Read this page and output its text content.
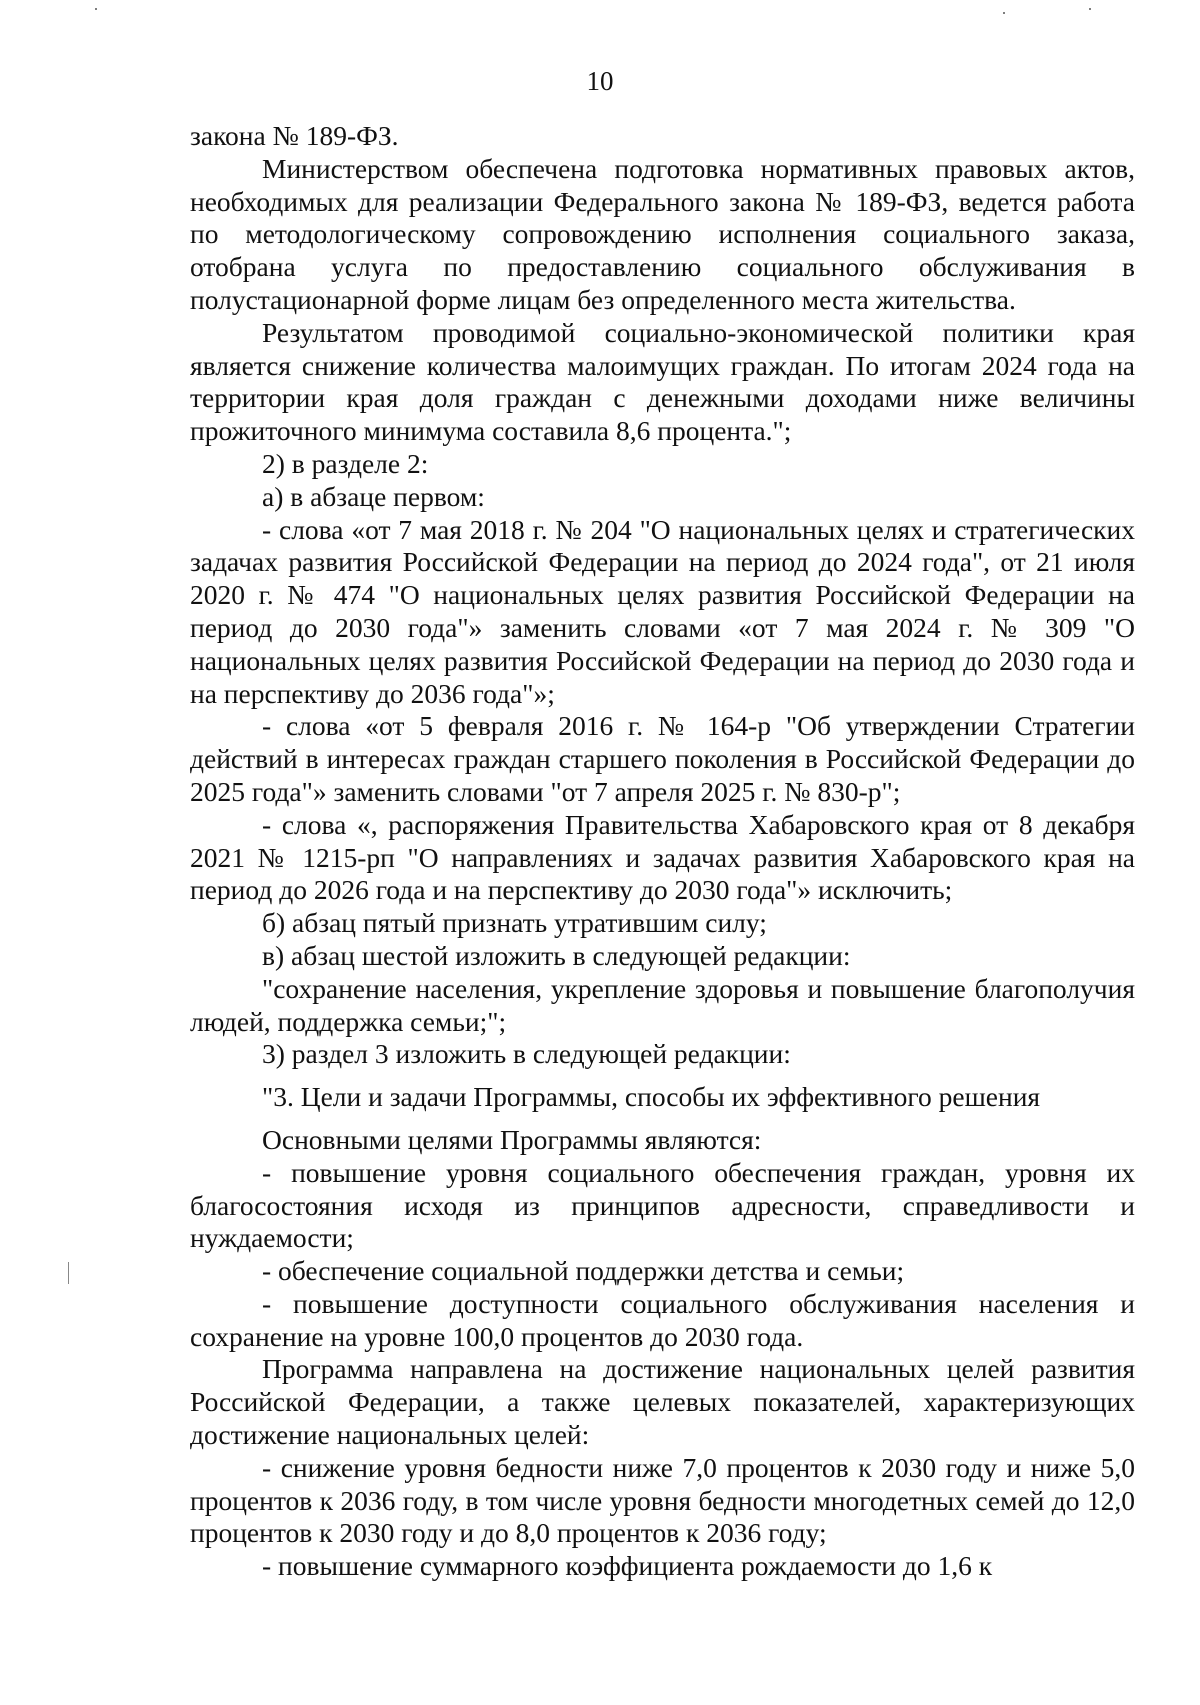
10

закона № 189-ФЗ.

Министерством обеспечена подготовка нормативных правовых актов, необходимых для реализации Федерального закона № 189-ФЗ, ведется работа по методологическому сопровождению исполнения социального заказа, отобрана услуга по предоставлению социального обслуживания в полустационарной форме лицам без определенного места жительства.

Результатом проводимой социально-экономической политики края является снижение количества малоимущих граждан. По итогам 2024 года на территории края доля граждан с денежными доходами ниже величины прожиточного минимума составила 8,6 процента.";

2) в разделе 2:

а) в абзаце первом:

- слова «от 7 мая 2018 г. № 204 "О национальных целях и стратегических задачах развития Российской Федерации на период до 2024 года", от 21 июля 2020 г. № 474 "О национальных целях развития Российской Федерации на период до 2030 года"» заменить словами «от 7 мая 2024 г. № 309 "О национальных целях развития Российской Федерации на период до 2030 года и на перспективу до 2036 года"»;

- слова «от 5 февраля 2016 г. № 164-р "Об утверждении Стратегии действий в интересах граждан старшего поколения в Российской Федерации до 2025 года"» заменить словами "от 7 апреля 2025 г. № 830-р";

- слова «, распоряжения Правительства Хабаровского края от 8 декабря 2021 № 1215-рп "О направлениях и задачах развития Хабаровского края на период до 2026 года и на перспективу до 2030 года"» исключить;

б) абзац пятый признать утратившим силу;

в) абзац шестой изложить в следующей редакции:

"сохранение населения, укрепление здоровья и повышение благополучия людей, поддержка семьи;";

3) раздел 3 изложить в следующей редакции:

"3. Цели и задачи Программы, способы их эффективного решения

Основными целями Программы являются:

- повышение уровня социального обеспечения граждан, уровня их благосостояния исходя из принципов адресности, справедливости и нуждаемости;

- обеспечение социальной поддержки детства и семьи;

- повышение доступности социального обслуживания населения и сохранение на уровне 100,0 процентов до 2030 года.

Программа направлена на достижение национальных целей развития Российской Федерации, а также целевых показателей, характеризующих достижение национальных целей:

- снижение уровня бедности ниже 7,0 процентов к 2030 году и ниже 5,0 процентов к 2036 году, в том числе уровня бедности многодетных семей до 12,0 процентов к 2030 году и до 8,0 процентов к 2036 году;

- повышение суммарного коэффициента рождаемости до 1,6 к
